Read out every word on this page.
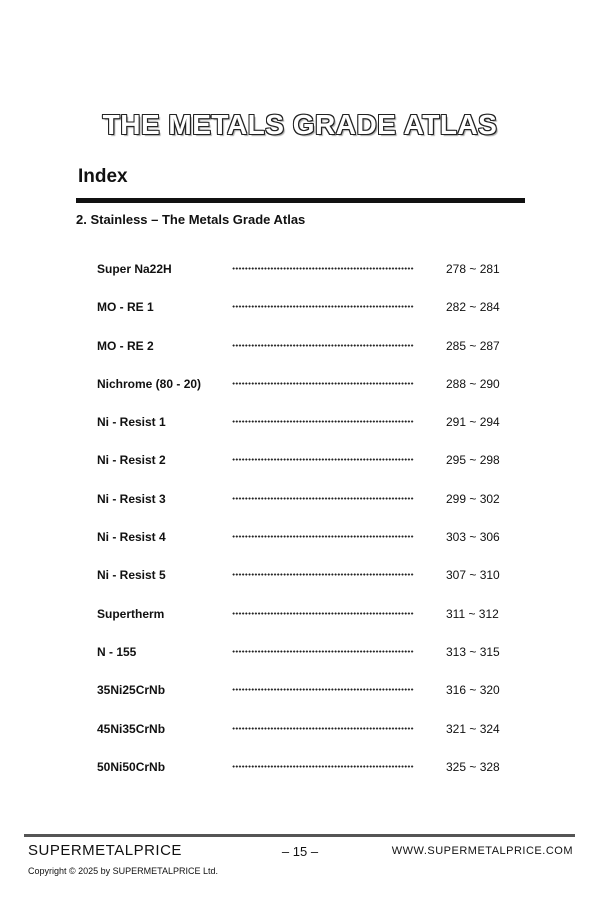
THE METALS GRADE ATLAS
Index
2. Stainless – The Metals Grade Atlas
Super Na22H	278 ~ 281
MO - RE 1	282 ~ 284
MO - RE 2	285 ~ 287
Nichrome (80 - 20)	288 ~ 290
Ni - Resist 1	291 ~ 294
Ni - Resist 2	295 ~ 298
Ni - Resist 3	299 ~ 302
Ni - Resist 4	303 ~ 306
Ni - Resist 5	307 ~ 310
Supertherm	311 ~ 312
N - 155	313 ~ 315
35Ni25CrNb	316 ~ 320
45Ni35CrNb	321 ~ 324
50Ni50CrNb	325 ~ 328
SUPERMETALPRICE	– 15 –	WWW.SUPERMETALPRICE.COM
Copyright © 2025 by SUPERMETALPRICE Ltd.
